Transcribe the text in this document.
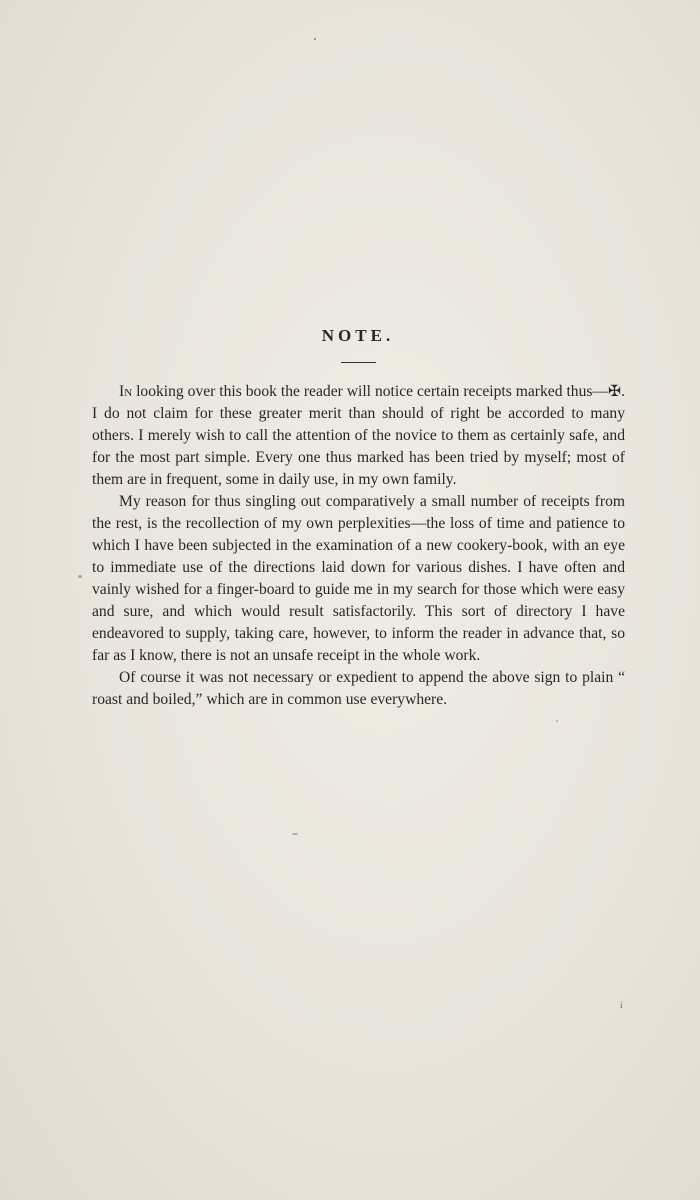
NOTE.

In looking over this book the reader will notice certain receipts marked thus—✠. I do not claim for these greater merit than should of right be accorded to many others. I merely wish to call the attention of the novice to them as certainly safe, and for the most part simple. Every one thus marked has been tried by myself; most of them are in frequent, some in daily use, in my own family.

My reason for thus singling out comparatively a small number of receipts from the rest, is the recollection of my own perplexities—the loss of time and patience to which I have been subjected in the examination of a new cookery-book, with an eye to immediate use of the directions laid down for various dishes. I have often and vainly wished for a finger-board to guide me in my search for those which were easy and sure, and which would result satisfactorily. This sort of directory I have endeavored to supply, taking care, however, to inform the reader in advance that, so far as I know, there is not an unsafe receipt in the whole work.

Of course it was not necessary or expedient to append the above sign to plain “ roast and boiled,” which are in common use everywhere.

i
